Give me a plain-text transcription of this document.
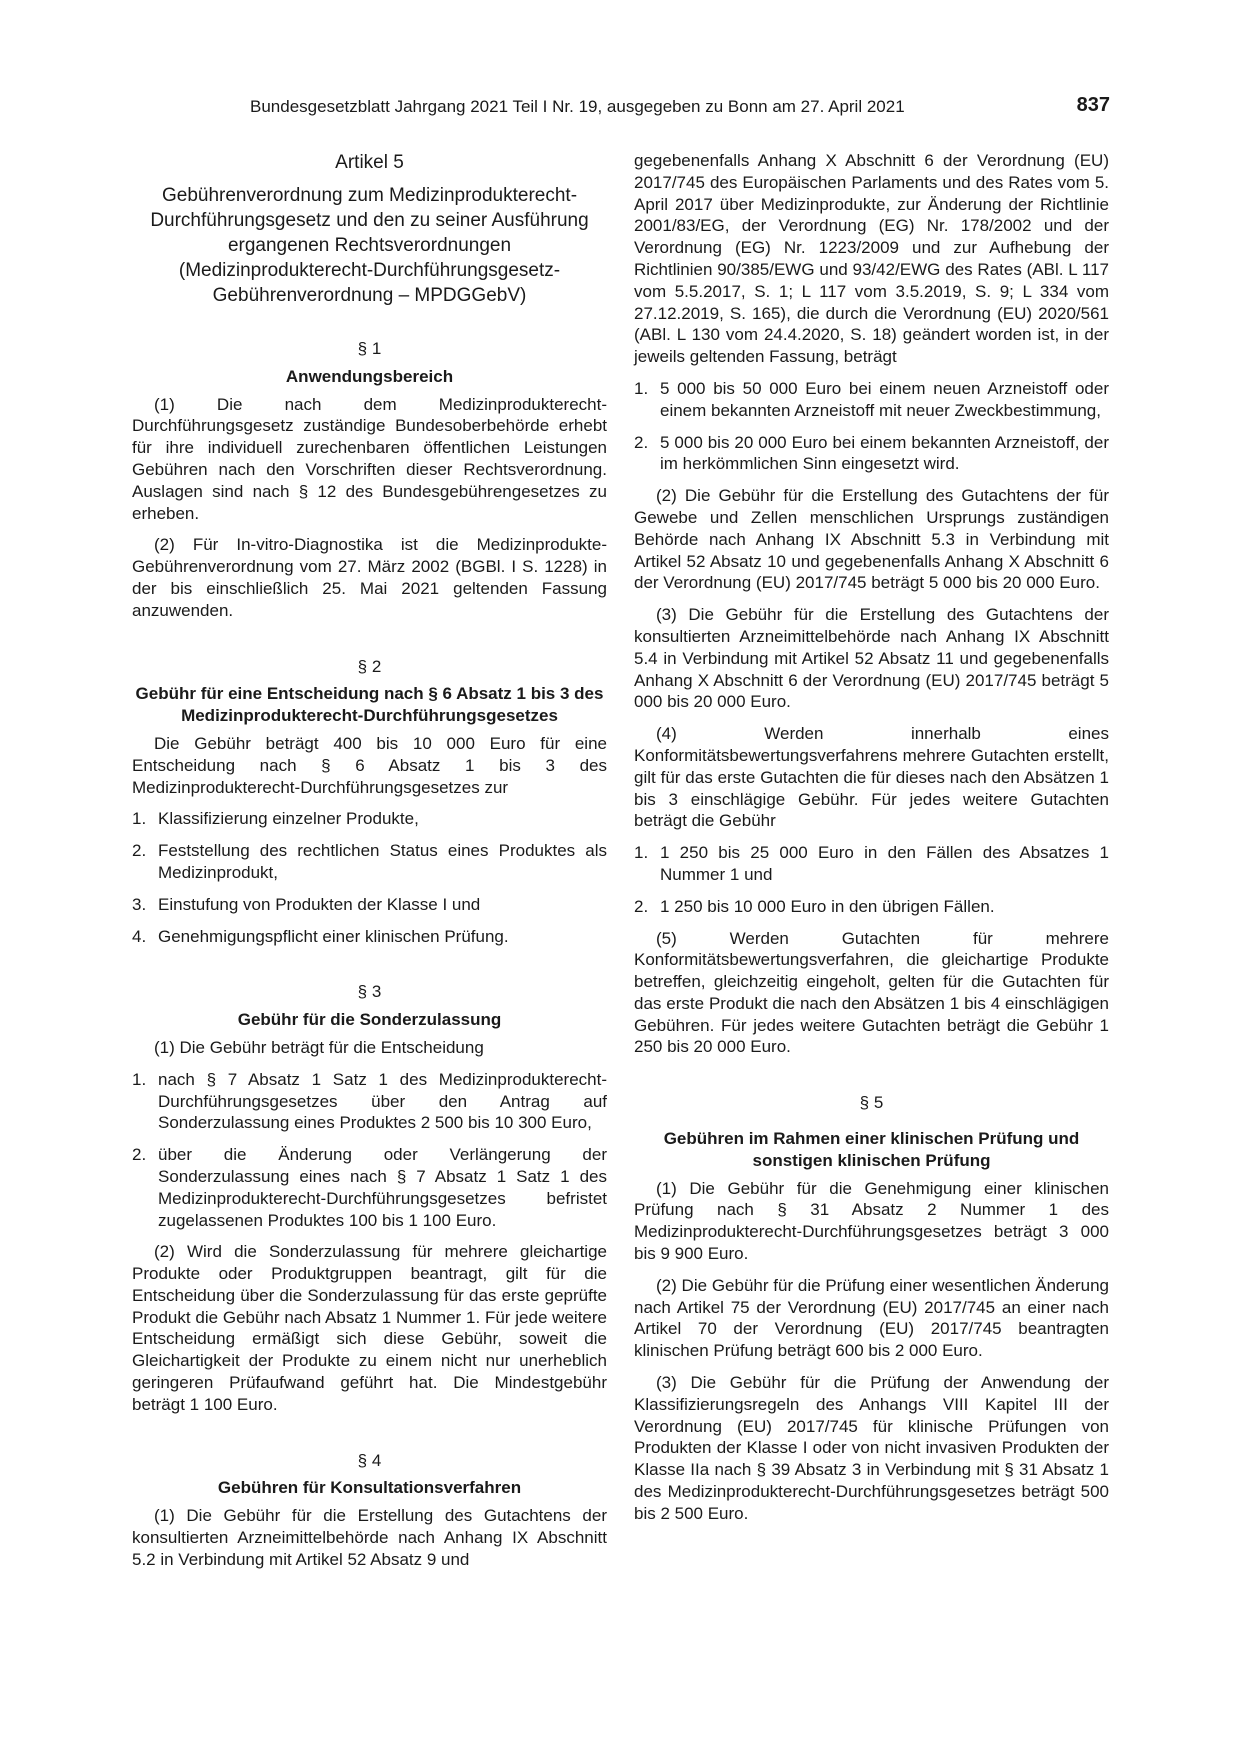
Bundesgesetzblatt Jahrgang 2021 Teil I Nr. 19, ausgegeben zu Bonn am 27. April 2021	837
Artikel 5
Gebührenverordnung zum Medizinprodukterecht-Durchführungsgesetz und den zu seiner Ausführung ergangenen Rechtsverordnungen (Medizinprodukterecht-Durchführungsgesetz-Gebührenverordnung – MPDGGebV)
§ 1
Anwendungsbereich

(1) Die nach dem Medizinprodukterecht-Durchführungsgesetz zuständige Bundesoberbehörde erhebt für ihre individuell zurechenbaren öffentlichen Leistungen Gebühren nach den Vorschriften dieser Rechtsverordnung. Auslagen sind nach § 12 des Bundesgebührengesetzes zu erheben.

(2) Für In-vitro-Diagnostika ist die Medizinprodukte-Gebührenverordnung vom 27. März 2002 (BGBl. I S. 1228) in der bis einschließlich 25. Mai 2021 geltenden Fassung anzuwenden.

§ 2
Gebühr für eine Entscheidung nach § 6 Absatz 1 bis 3 des Medizinprodukterecht-Durchführungsgesetzes

Die Gebühr beträgt 400 bis 10 000 Euro für eine Entscheidung nach § 6 Absatz 1 bis 3 des Medizinprodukterecht-Durchführungsgesetzes zur

1. Klassifizierung einzelner Produkte,
2. Feststellung des rechtlichen Status eines Produktes als Medizinprodukt,
3. Einstufung von Produkten der Klasse I und
4. Genehmigungspflicht einer klinischen Prüfung.
§ 3
Gebühr für die Sonderzulassung

(1) Die Gebühr beträgt für die Entscheidung

1. nach § 7 Absatz 1 Satz 1 des Medizinprodukterecht-Durchführungsgesetzes über den Antrag auf Sonderzulassung eines Produktes 2 500 bis 10 300 Euro,
2. über die Änderung oder Verlängerung der Sonderzulassung eines nach § 7 Absatz 1 Satz 1 des Medizinprodukterecht-Durchführungsgesetzes befristet zugelassenen Produktes 100 bis 1 100 Euro.

(2) Wird die Sonderzulassung für mehrere gleichartige Produkte oder Produktgruppen beantragt, gilt für die Entscheidung über die Sonderzulassung für das erste geprüfte Produkt die Gebühr nach Absatz 1 Nummer 1. Für jede weitere Entscheidung ermäßigt sich diese Gebühr, soweit die Gleichartigkeit der Produkte zu einem nicht nur unerheblich geringeren Prüfaufwand geführt hat. Die Mindestgebühr beträgt 1 100 Euro.

§ 4
Gebühren für Konsultationsverfahren

(1) Die Gebühr für die Erstellung des Gutachtens der konsultierten Arzneimittelbehörde nach Anhang IX Abschnitt 5.2 in Verbindung mit Artikel 52 Absatz 9 und

gegebenenfalls Anhang X Abschnitt 6 der Verordnung (EU) 2017/745 des Europäischen Parlaments und des Rates vom 5. April 2017 über Medizinprodukte, zur Änderung der Richtlinie 2001/83/EG, der Verordnung (EG) Nr. 178/2002 und der Verordnung (EG) Nr. 1223/2009 und zur Aufhebung der Richtlinien 90/385/EWG und 93/42/EWG des Rates (ABl. L 117 vom 5.5.2017, S. 1; L 117 vom 3.5.2019, S. 9; L 334 vom 27.12.2019, S. 165), die durch die Verordnung (EU) 2020/561 (ABl. L 130 vom 24.4.2020, S. 18) geändert worden ist, in der jeweils geltenden Fassung, beträgt

1. 5 000 bis 50 000 Euro bei einem neuen Arzneistoff oder einem bekannten Arzneistoff mit neuer Zweckbestimmung,
2. 5 000 bis 20 000 Euro bei einem bekannten Arzneistoff, der im herkömmlichen Sinn eingesetzt wird.

(2) Die Gebühr für die Erstellung des Gutachtens der für Gewebe und Zellen menschlichen Ursprungs zuständigen Behörde nach Anhang IX Abschnitt 5.3 in Verbindung mit Artikel 52 Absatz 10 und gegebenenfalls Anhang X Abschnitt 6 der Verordnung (EU) 2017/745 beträgt 5 000 bis 20 000 Euro.

(3) Die Gebühr für die Erstellung des Gutachtens der konsultierten Arzneimittelbehörde nach Anhang IX Abschnitt 5.4 in Verbindung mit Artikel 52 Absatz 11 und gegebenenfalls Anhang X Abschnitt 6 der Verordnung (EU) 2017/745 beträgt 5 000 bis 20 000 Euro.

(4) Werden innerhalb eines Konformitätsbewertungsverfahrens mehrere Gutachten erstellt, gilt für das erste Gutachten die für dieses nach den Absätzen 1 bis 3 einschlägige Gebühr. Für jedes weitere Gutachten beträgt die Gebühr

1. 1 250 bis 25 000 Euro in den Fällen des Absatzes 1 Nummer 1 und
2. 1 250 bis 10 000 Euro in den übrigen Fällen.

(5) Werden Gutachten für mehrere Konformitätsbewertungsverfahren, die gleichartige Produkte betreffen, gleichzeitig eingeholt, gelten für die Gutachten für das erste Produkt die nach den Absätzen 1 bis 4 einschlägigen Gebühren. Für jedes weitere Gutachten beträgt die Gebühr 1 250 bis 20 000 Euro.

§ 5
Gebühren im Rahmen einer klinischen Prüfung und sonstigen klinischen Prüfung

(1) Die Gebühr für die Genehmigung einer klinischen Prüfung nach § 31 Absatz 2 Nummer 1 des Medizinprodukterecht-Durchführungsgesetzes beträgt 3 000 bis 9 900 Euro.

(2) Die Gebühr für die Prüfung einer wesentlichen Änderung nach Artikel 75 der Verordnung (EU) 2017/745 an einer nach Artikel 70 der Verordnung (EU) 2017/745 beantragten klinischen Prüfung beträgt 600 bis 2 000 Euro.

(3) Die Gebühr für die Prüfung der Anwendung der Klassifizierungsregeln des Anhangs VIII Kapitel III der Verordnung (EU) 2017/745 für klinische Prüfungen von Produkten der Klasse I oder von nicht invasiven Produkten der Klasse IIa nach § 39 Absatz 3 in Verbindung mit § 31 Absatz 1 des Medizinprodukterecht-Durchführungsgesetzes beträgt 500 bis 2 500 Euro.
